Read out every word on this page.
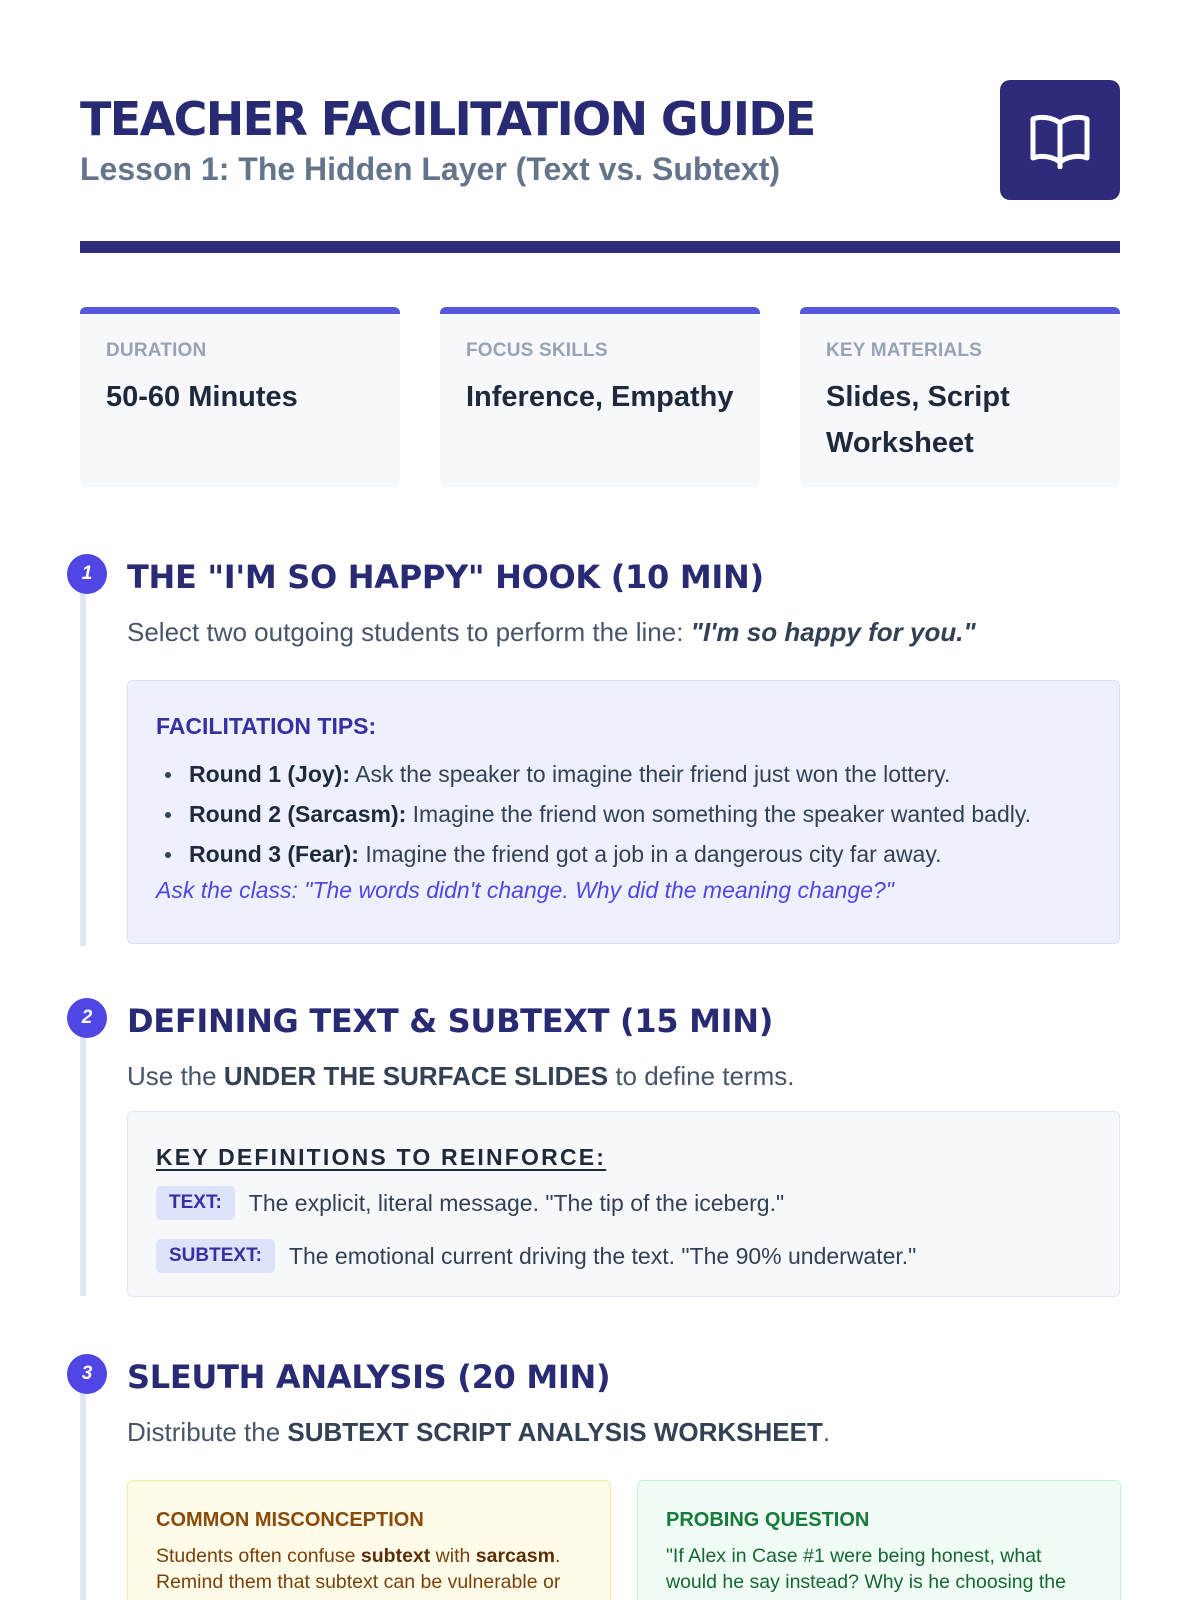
TEACHER FACILITATION GUIDE
Lesson 1: The Hidden Layer (Text vs. Subtext)
DURATION
50-60 Minutes
FOCUS SKILLS
Inference, Empathy
KEY MATERIALS
Slides, Script
Worksheet
1	THE "I'M SO HAPPY" HOOK (10 MIN)

Select two outgoing students to perform the line: "I'm so happy for you."

FACILITATION TIPS:
Round 1 (Joy): Ask the speaker to imagine their friend just won the lottery.
Round 2 (Sarcasm): Imagine the friend won something the speaker wanted badly.
Round 3 (Fear): Imagine the friend got a job in a dangerous city far away.
Ask the class: "The words didn't change. Why did the meaning change?"
2	DEFINING TEXT & SUBTEXT (15 MIN)

Use the UNDER THE SURFACE SLIDES to define terms.

KEY DEFINITIONS TO REINFORCE:
TEXT:	The explicit, literal message. "The tip of the iceberg."
SUBTEXT:	The emotional current driving the text. "The 90% underwater."
3	SLEUTH ANALYSIS (20 MIN)

Distribute the SUBTEXT SCRIPT ANALYSIS WORKSHEET.

COMMON MISCONCEPTION
Students often confuse subtext with sarcasm. Remind them that subtext can be vulnerable or
PROBING QUESTION
"If Alex in Case #1 were being honest, what would he say instead? Why is he choosing the
